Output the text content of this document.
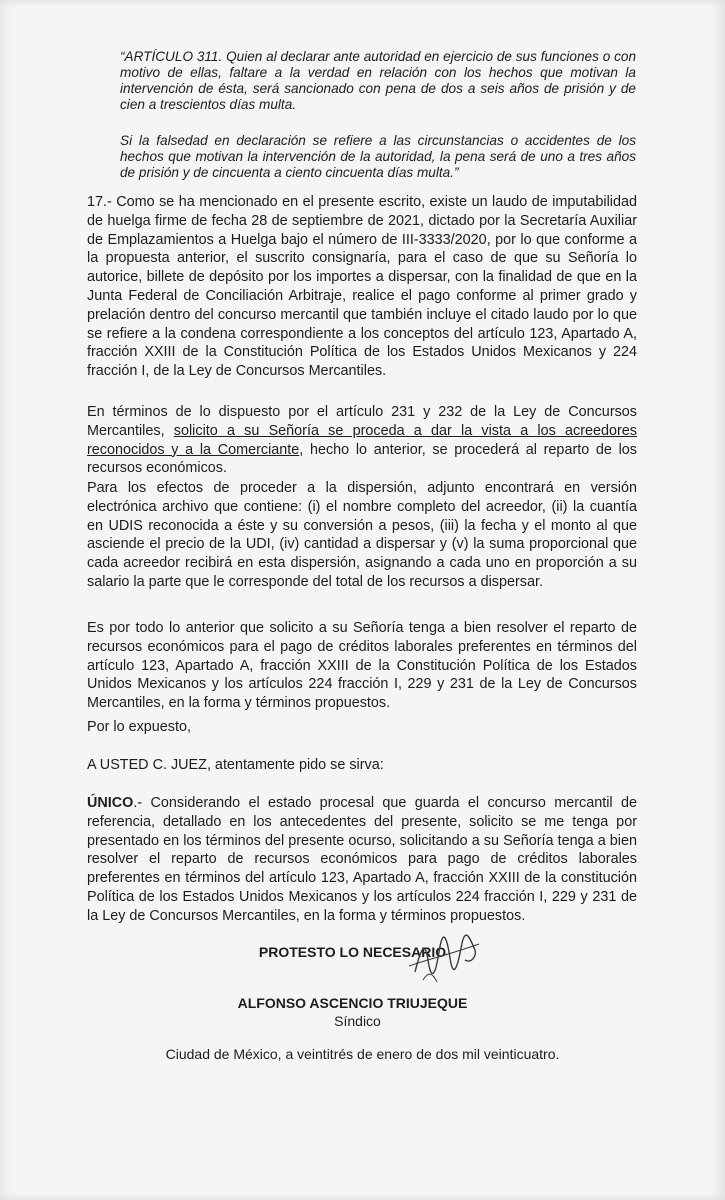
“ARTÍCULO 311. Quien al declarar ante autoridad en ejercicio de sus funciones o con motivo de ellas, faltare a la verdad en relación con los hechos que motivan la intervención de ésta, será sancionado con pena de dos a seis años de prisión y de cien a trescientos días multa.

Si la falsedad en declaración se refiere a las circunstancias o accidentes de los hechos que motivan la intervención de la autoridad, la pena será de uno a tres años de prisión y de cincuenta a ciento cincuenta días multa.”

17.- Como se ha mencionado en el presente escrito, existe un laudo de imputabilidad de huelga firme de fecha 28 de septiembre de 2021, dictado por la Secretaría Auxiliar de Emplazamientos a Huelga bajo el número de III-3333/2020, por lo que conforme a la propuesta anterior, el suscrito consignaría, para el caso de que su Señoría lo autorice, billete de depósito por los importes a dispersar, con la finalidad de que en la Junta Federal de Conciliación Arbitraje, realice el pago conforme al primer grado y prelación dentro del concurso mercantil que también incluye el citado laudo por lo que se refiere a la condena correspondiente a los conceptos del artículo 123, Apartado A, fracción XXIII de la Constitución Política de los Estados Unidos Mexicanos y 224 fracción I, de la Ley de Concursos Mercantiles.

En términos de lo dispuesto por el artículo 231 y 232 de la Ley de Concursos Mercantiles, solicito a su Señoría se proceda a dar la vista a los acreedores reconocidos y a la Comerciante, hecho lo anterior, se procederá al reparto de los recursos económicos.

Para los efectos de proceder a la dispersión, adjunto encontrará en versión electrónica archivo que contiene: (i) el nombre completo del acreedor, (ii) la cuantía en UDIS reconocida a éste y su conversión a pesos, (iii) la fecha y el monto al que asciende el precio de la UDI, (iv) cantidad a dispersar y (v) la suma proporcional que cada acreedor recibirá en esta dispersión, asignando a cada uno en proporción a su salario la parte que le corresponde del total de los recursos a dispersar.

Es por todo lo anterior que solicito a su Señoría tenga a bien resolver el reparto de recursos económicos para el pago de créditos laborales preferentes en términos del artículo 123, Apartado A, fracción XXIII de la Constitución Política de los Estados Unidos Mexicanos y los artículos 224 fracción I, 229 y 231 de la Ley de Concursos Mercantiles, en la forma y términos propuestos.

Por lo expuesto,

A USTED C. JUEZ, atentamente pido se sirva:

ÚNICO.- Considerando el estado procesal que guarda el concurso mercantil de referencia, detallado en los antecedentes del presente, solicito se me tenga por presentado en los términos del presente ocurso, solicitando a su Señoría tenga a bien resolver el reparto de recursos económicos para pago de créditos laborales preferentes en términos del artículo 123, Apartado A, fracción XXIII de la constitución Política de los Estados Unidos Mexicanos y los artículos 224 fracción I, 229 y 231 de la Ley de Concursos Mercantiles, en la forma y términos propuestos.

PROTESTO LO NECESARIO
ALFONSO ASCENCIO TRIUJEQUE
Síndico
Ciudad de México, a veintitrés de enero de dos mil veinticuatro.
